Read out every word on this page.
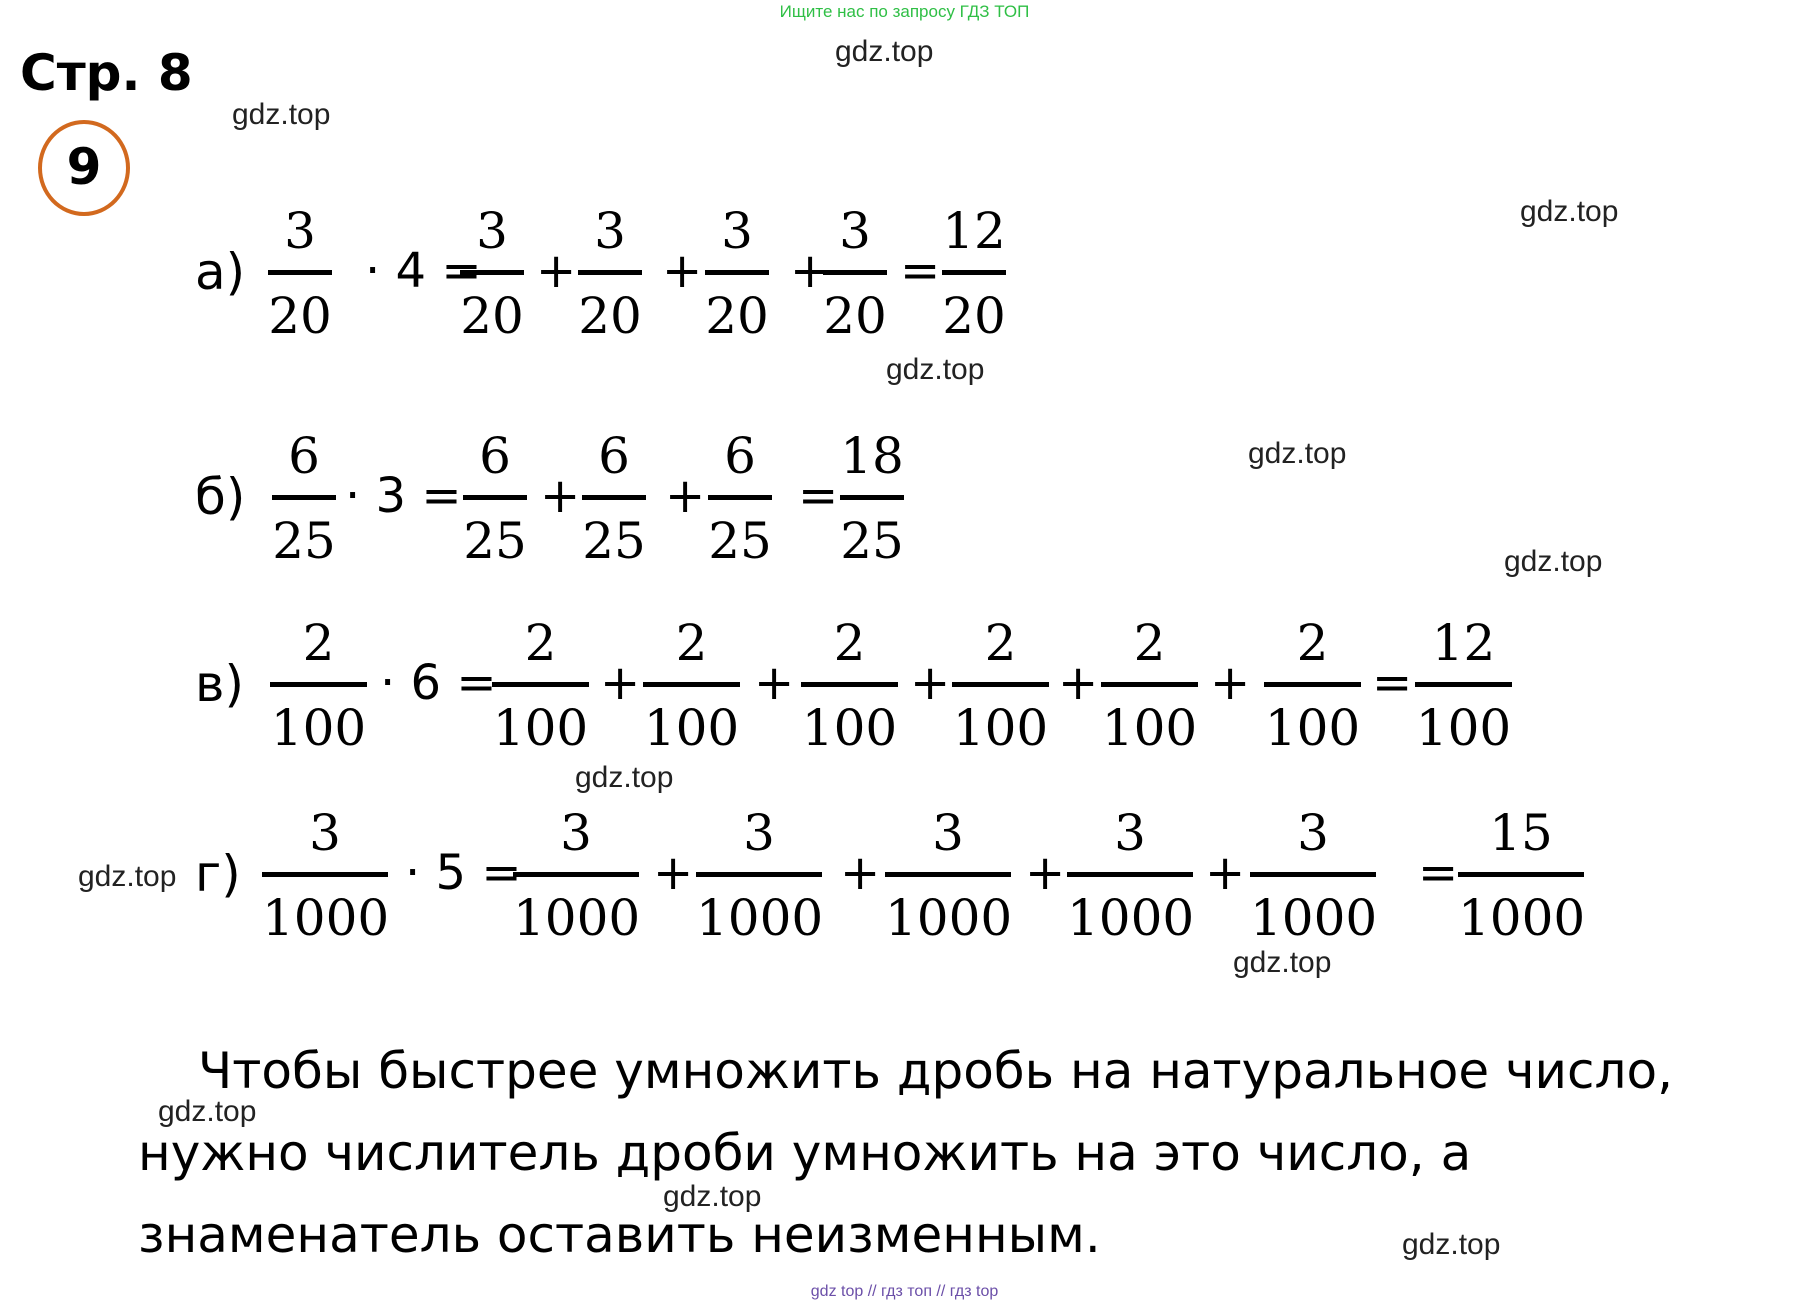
Ищите нас по запросу ГДЗ ТОП
Стр. 8
9
gdz.top
gdz.top
gdz.top
gdz.top
gdz.top
gdz.top
gdz.top
gdz.top
gdz.top
gdz.top
gdz.top
gdz.top
а)
3
20
3
20
3
20
3
20
3
20
12
20
· 4 = + + + =
б)
6
25
6
25
6
25
6
25
18
25
· 3 = + + =
в)
2
100
2
100
2
100
2
100
2
100
2
100
2
100
12
100
· 6 = + + + + +	=
г)
3
1000
3
1000
3
1000
3
1000
3
1000
3
1000
15
1000
· 5 =	+	+	+	+	=
Чтобы быстрее умножить дробь на натуральное число, нужно числитель дроби умножить на это число, а знаменатель оставить неизменным.
gdz top // гдз топ // гдз top
